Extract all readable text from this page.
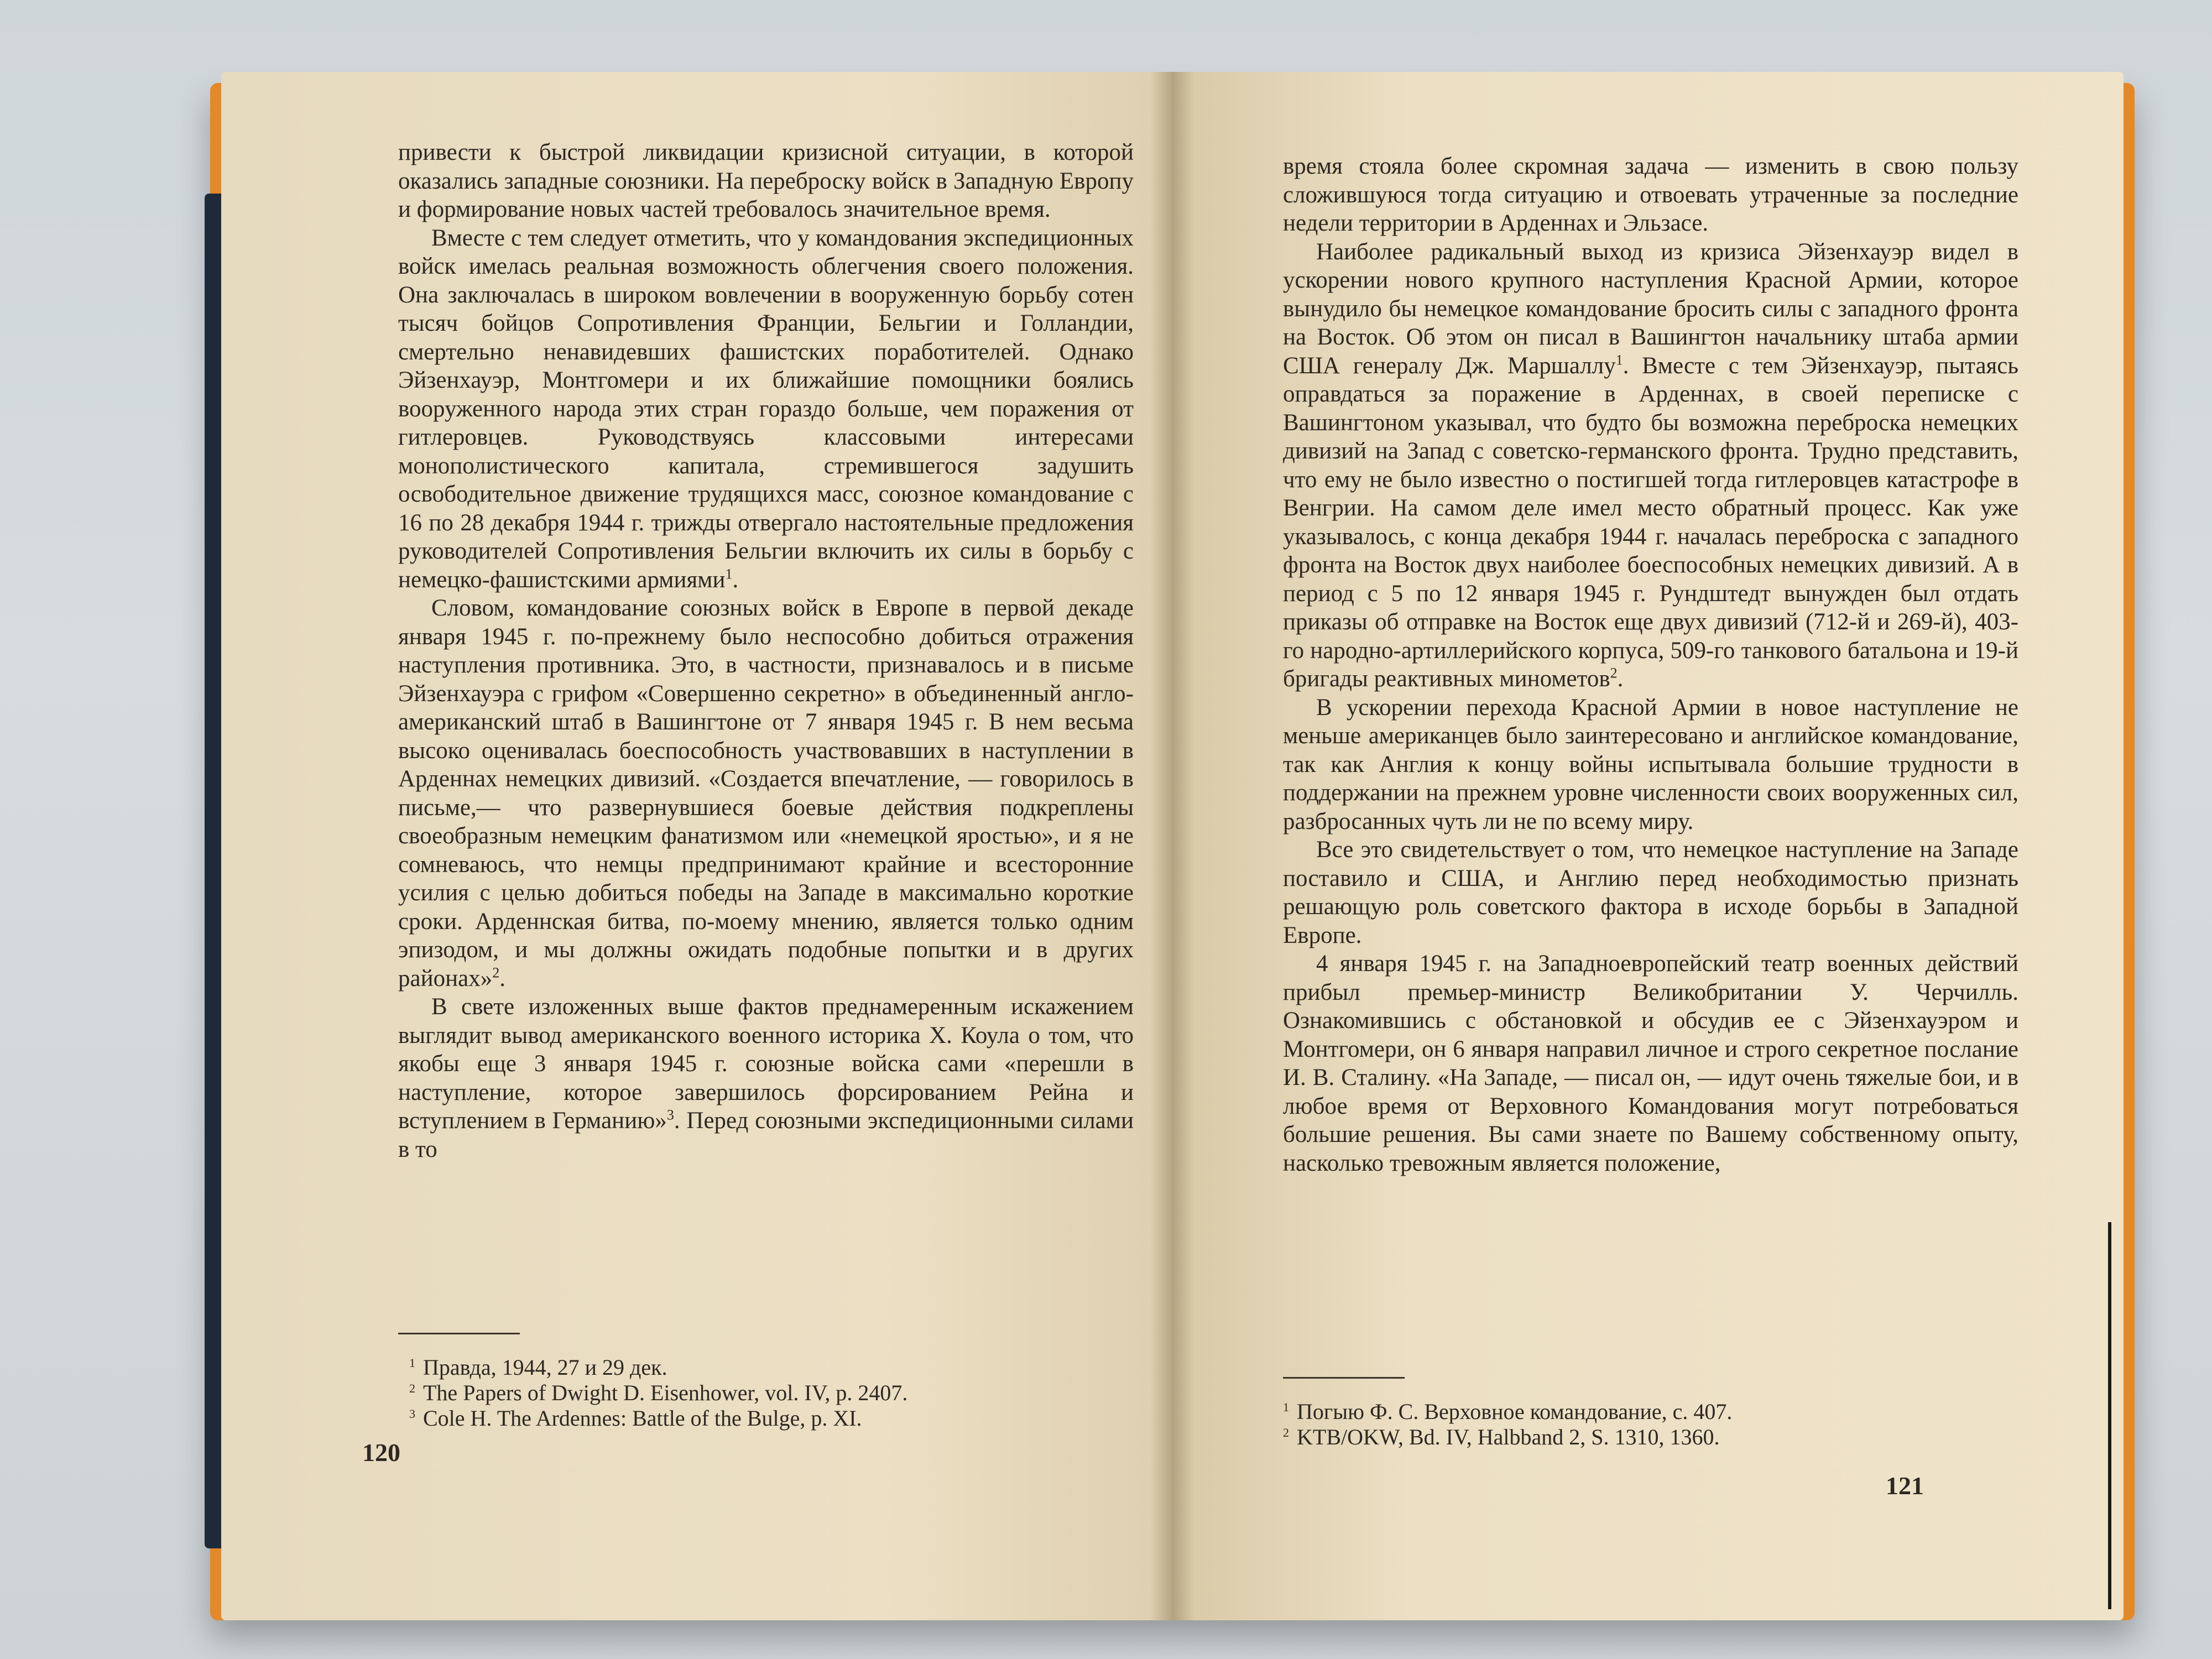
привести к быстрой ликвидации кризисной ситуации, в которой оказались западные союзники. На переброску войск в Западную Европу и формирование новых частей требовалось значительное время.

Вместе с тем следует отметить, что у командования экспедиционных войск имелась реальная возможность облегчения своего положения. Она заключалась в широком вовлечении в вооруженную борьбу сотен тысяч бойцов Сопротивления Франции, Бельгии и Голландии, смертельно ненавидевших фашистских поработителей. Однако Эйзенхауэр, Монтгомери и их ближайшие помощники боялись вооруженного народа этих стран гораздо больше, чем поражения от гитлеровцев. Руководствуясь классовыми интересами монополистического капитала, стремившегося задушить освободительное движение трудящихся масс, союзное командование с 16 по 28 декабря 1944 г. трижды отвергало настоятельные предложения руководителей Сопротивления Бельгии включить их силы в борьбу с немецко-фашистскими армиями$^1$.

Словом, командование союзных войск в Европе в первой декаде января 1945 г. по-прежнему было неспособно добиться отражения наступления противника. Это, в частности, признавалось и в письме Эйзенхауэра с грифом «Совершенно секретно» в объединенный англо-американский штаб в Вашингтоне от 7 января 1945 г. В нем весьма высоко оценивалась боеспособность участвовавших в наступлении в Арденнах немецких дивизий. «Создается впечатление, — говорилось в письме,— что развернувшиеся боевые действия подкреплены своеобразным немецким фанатизмом или «немецкой яростью», и я не сомневаюсь, что немцы предпринимают крайние и всесторонние усилия с целью добиться победы на Западе в максимально короткие сроки. Арденнская битва, по-моему мнению, является только одним эпизодом, и мы должны ожидать подобные попытки и в других районах»$^2$.

В свете изложенных выше фактов преднамеренным искажением выглядит вывод американского военного историка Х. Коула о том, что якобы еще 3 января 1945 г. союзные войска сами «перешли в наступление, которое завершилось форсированием Рейна и вступлением в Германию»$^3$. Перед союзными экспедиционными силами в то

$^1$ Правда, 1944, 27 и 29 дек.
$^2$ The Papers of Dwight D. Eisenhower, vol. IV, p. 2407.
$^3$ Cole H. The Ardennes: Battle of the Bulge, p. XI.
120

время стояла более скромная задача — изменить в свою пользу сложившуюся тогда ситуацию и отвоевать утраченные за последние недели территории в Арденнах и Эльзасе.

Наиболее радикальный выход из кризиса Эйзенхауэр видел в ускорении нового крупного наступления Красной Армии, которое вынудило бы немецкое командование бросить силы с западного фронта на Восток. Об этом он писал в Вашингтон начальнику штаба армии США генералу Дж. Маршаллу$^1$. Вместе с тем Эйзенхауэр, пытаясь оправдаться за поражение в Арденнах, в своей переписке с Вашингтоном указывал, что будто бы возможна переброска немецких дивизий на Запад с советско-германского фронта. Трудно представить, что ему не было известно о постигшей тогда гитлеровцев катастрофе в Венгрии. На самом деле имел место обратный процесс. Как уже указывалось, с конца декабря 1944 г. началась переброска с западного фронта на Восток двух наиболее боеспособных немецких дивизий. А в период с 5 по 12 января 1945 г. Рундштедт вынужден был отдать приказы об отправке на Восток еще двух дивизий (712-й и 269-й), 403-го народно-артиллерийского корпуса, 509-го танкового батальона и 19-й бригады реактивных минометов$^2$.

В ускорении перехода Красной Армии в новое наступление не меньше американцев было заинтересовано и английское командование, так как Англия к концу войны испытывала большие трудности в поддержании на прежнем уровне численности своих вооруженных сил, разбросанных чуть ли не по всему миру.

Все это свидетельствует о том, что немецкое наступление на Западе поставило и США, и Англию перед необходимостью признать решающую роль советского фактора в исходе борьбы в Западной Европе.

4 января 1945 г. на Западноевропейский театр военных действий прибыл премьер-министр Великобритании У. Черчилль. Ознакомившись с обстановкой и обсудив ее с Эйзенхауэром и Монтгомери, он 6 января направил личное и строго секретное послание И. В. Сталину. «На Западе, — писал он, — идут очень тяжелые бои, и в любое время от Верховного Командования могут потребоваться большие решения. Вы сами знаете по Вашему собственному опыту, насколько тревожным является положение,

$^1$ Погыю Ф. С. Верховное командование, с. 407.
$^2$ KTB/OKW, Bd. IV, Halbband 2, S. 1310, 1360.
121
